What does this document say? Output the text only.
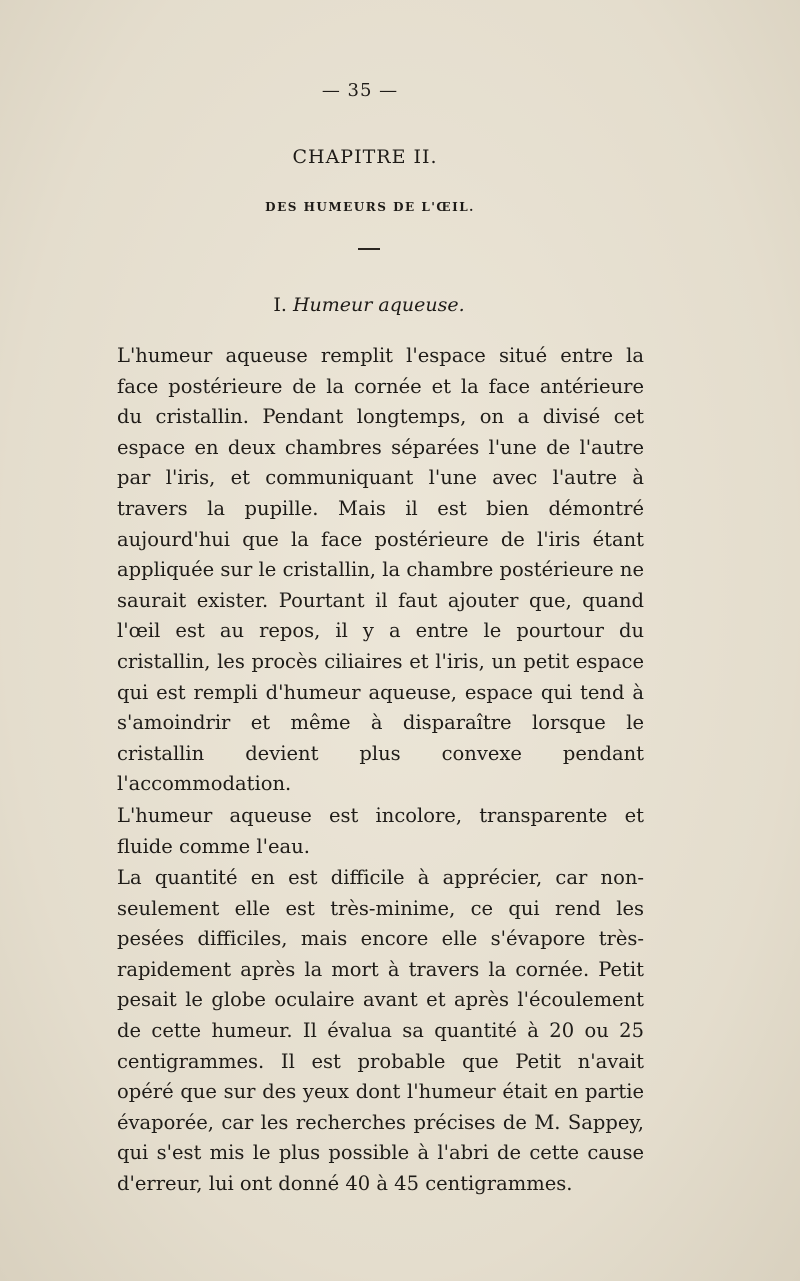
— 35 —
CHAPITRE II.
DES HUMEURS DE L'ŒIL.
I. Humeur aqueuse.

L'humeur aqueuse remplit l'espace situé entre la face postérieure de la cornée et la face antérieure du cristallin. Pendant longtemps, on a divisé cet espace en deux chambres séparées l'une de l'autre par l'iris, et communiquant l'une avec l'autre à travers la pupille. Mais il est bien démontré aujourd'hui que la face postérieure de l'iris étant appliquée sur le cristallin, la chambre postérieure ne saurait exister. Pourtant il faut ajouter que, quand l'œil est au repos, il y a entre le pourtour du cristallin, les procès ciliaires et l'iris, un petit espace qui est rempli d'humeur aqueuse, espace qui tend à s'amoindrir et même à disparaître lorsque le cristallin devient plus convexe pendant l'accommodation.

L'humeur aqueuse est incolore, transparente et fluide comme l'eau.

La quantité en est difficile à apprécier, car non-seulement elle est très-minime, ce qui rend les pesées difficiles, mais encore elle s'évapore très-rapidement après la mort à travers la cornée. Petit pesait le globe oculaire avant et après l'écoulement de cette humeur. Il évalua sa quantité à 20 ou 25 centigrammes. Il est probable que Petit n'avait opéré que sur des yeux dont l'humeur était en partie évaporée, car les recherches précises de M. Sappey, qui s'est mis le plus possible à l'abri de cette cause d'erreur, lui ont donné 40 à 45 centigrammes.
